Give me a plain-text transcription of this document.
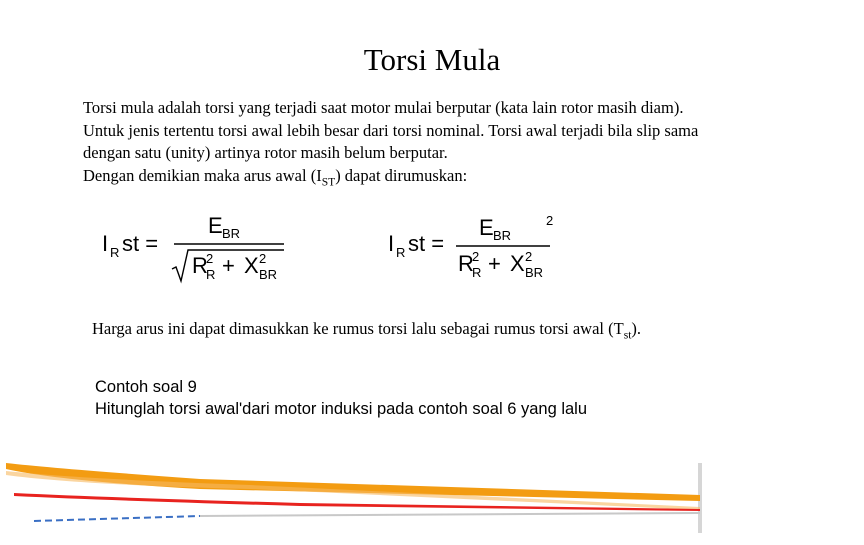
Torsi Mula
Torsi mula adalah torsi yang terjadi saat motor mulai berputar (kata lain rotor masih diam).
Untuk jenis tertentu torsi awal lebih besar dari torsi nominal. Torsi awal terjadi bila slip sama
dengan satu (unity) artinya rotor masih belum berputar.
Dengan demikian maka arus awal $(I_{ST})$ dapat dirumuskan:
I R st =
E BR
R
2
R + X 2
BR
I R st =
E BR
2
R
2
R + X 2
BR
Harga arus ini dapat dimasukkan ke rumus torsi lalu sebagai rumus torsi awal $(T_{st})$.
Contoh soal 9
Hitunglah torsi awal'dari motor induksi pada contoh soal 6 yang lalu
